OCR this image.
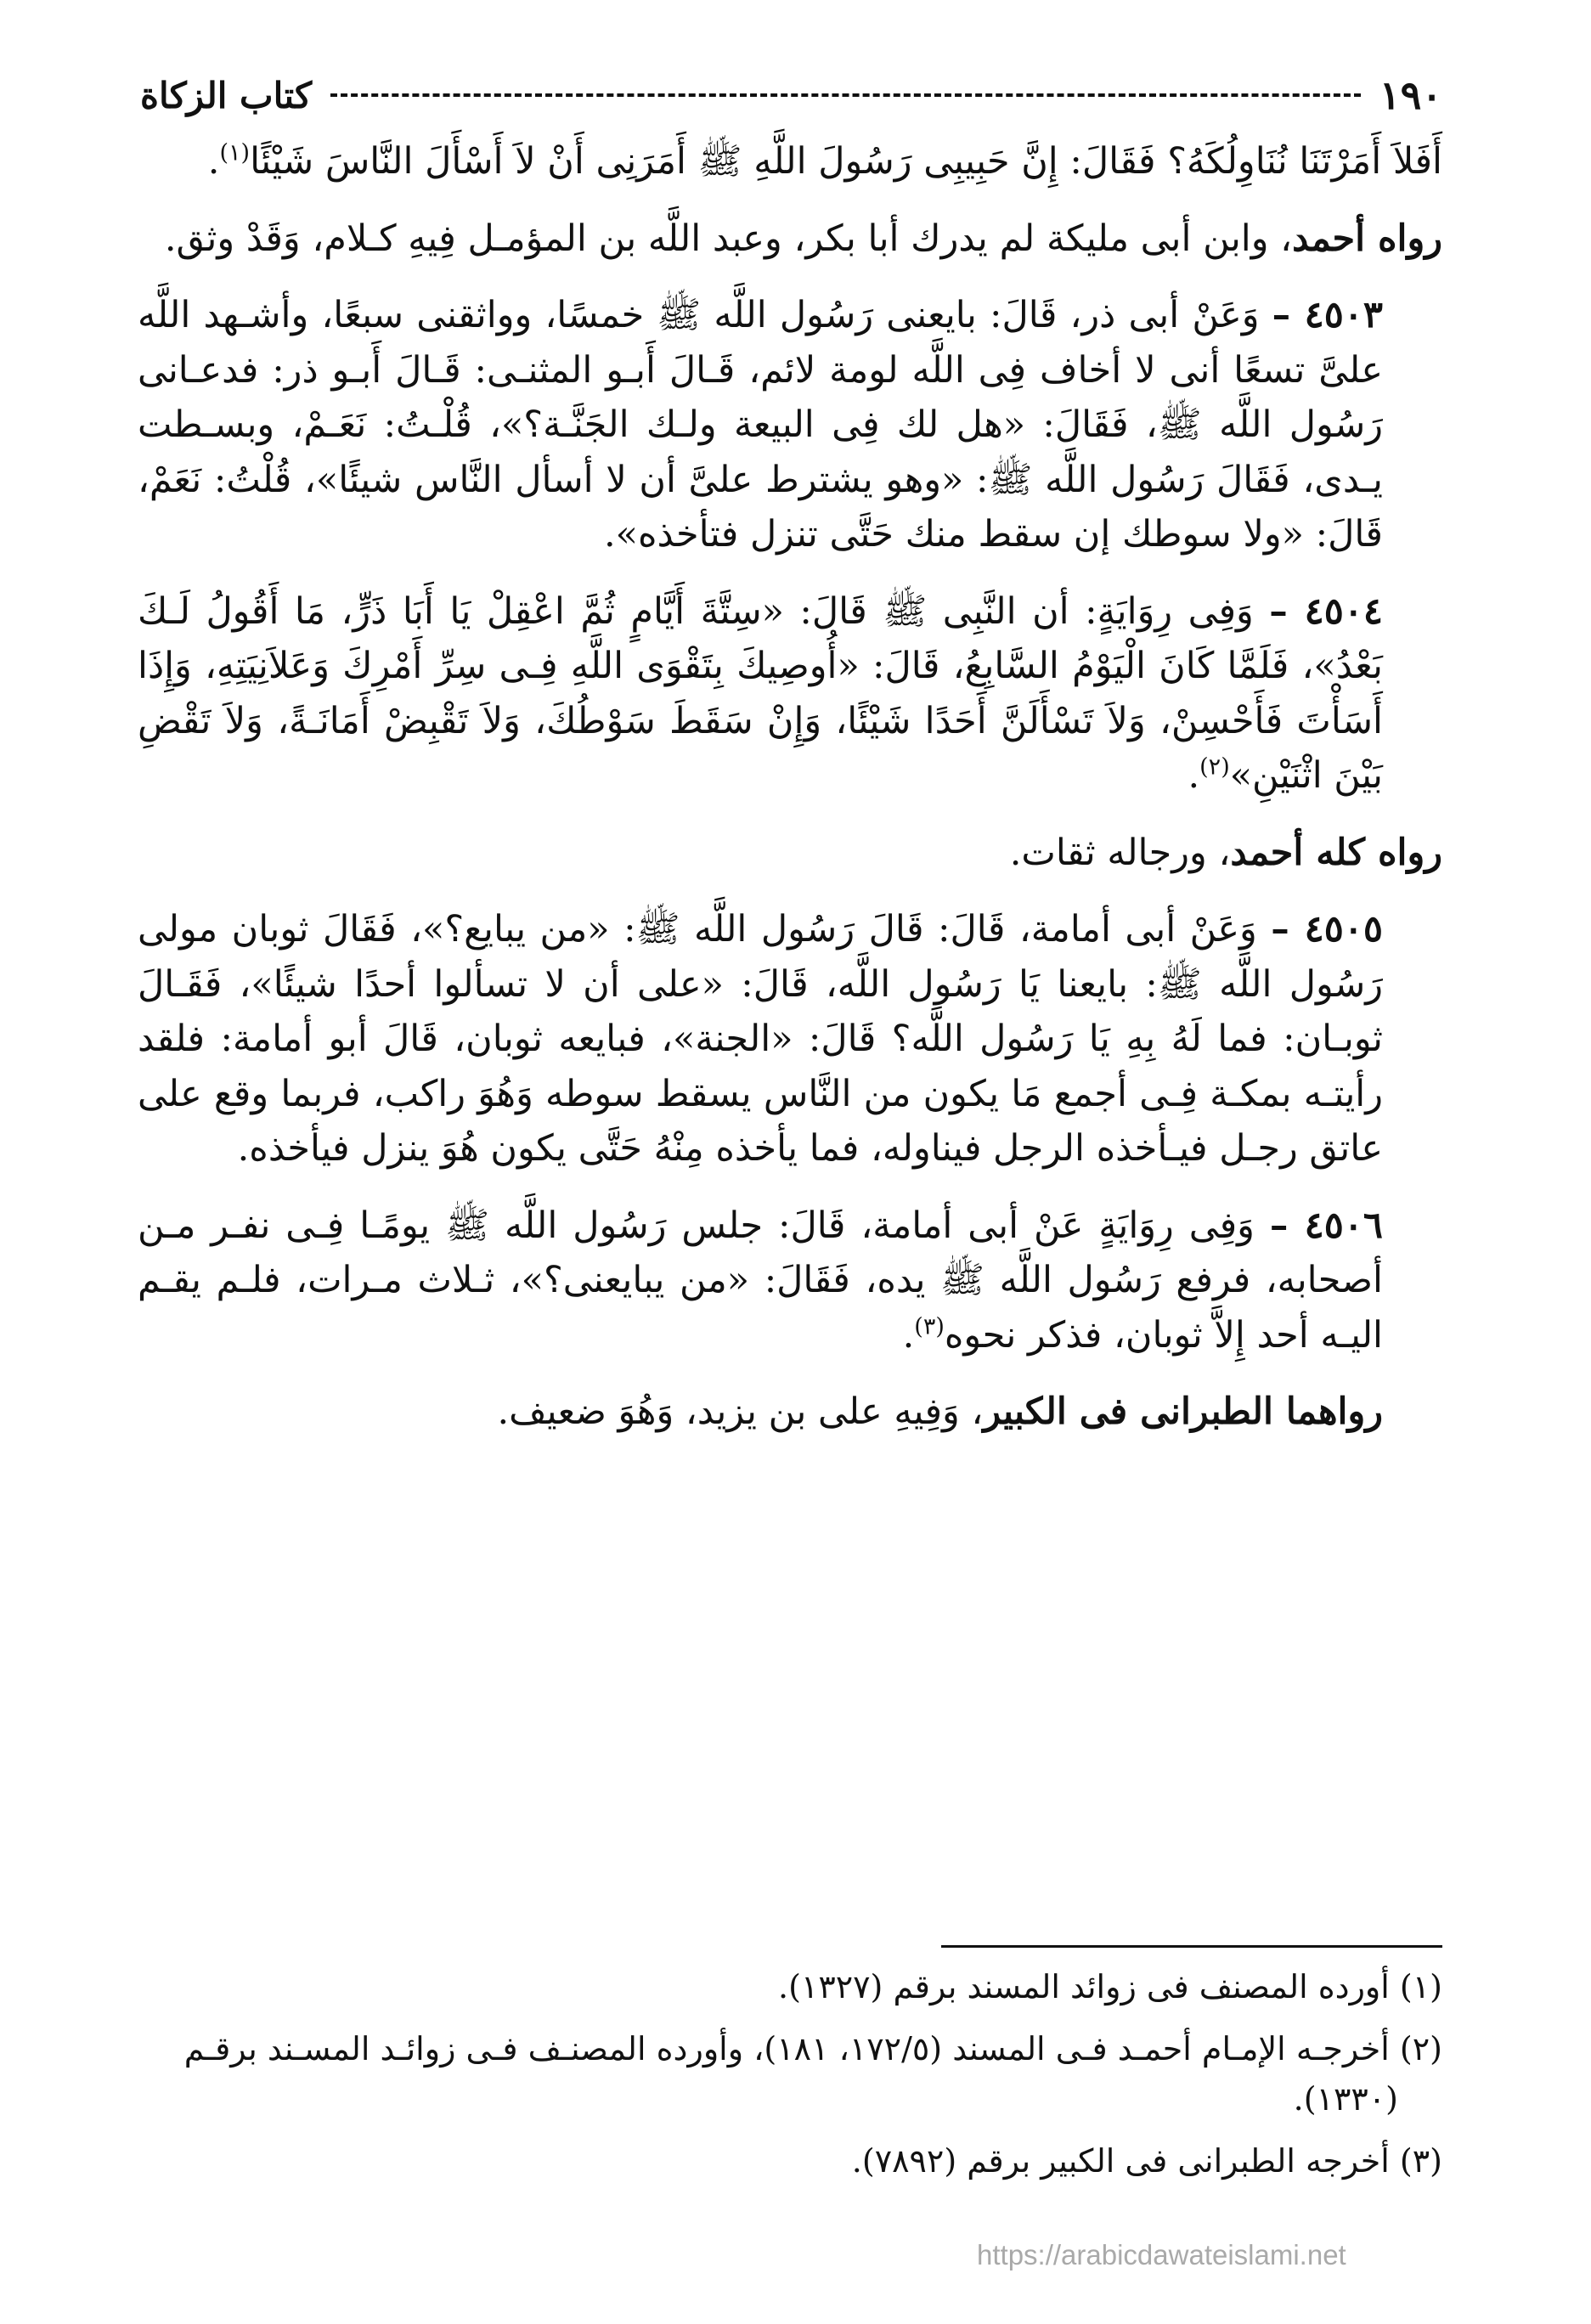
١٩٠
كتاب الزكاة

أَفَلاَ أَمَرْتَنَا نُنَاوِلُكَهُ؟ فَقَالَ: إِنَّ حَبِيبِى رَسُولَ اللَّهِ ﷺ أَمَرَنِى أَنْ لاَ أَسْأَلَ النَّاسَ شَيْئًا$^{(١)}$.

رواه أحمد، وابن أبى مليكة لم يدرك أبا بكر، وعبد اللَّه بن المؤمـل فِيهِ كـلام، وَقَدْ وثق.

٤٥٠٣ – وَعَنْ أبى ذر، قَالَ: بايعنى رَسُول اللَّه ﷺ خمسًا، وواثقنى سبعًا، وأشـهد اللَّه علىَّ تسعًا أنى لا أخاف فِى اللَّه لومة لائم، قَـالَ أَبـو المثنـى: قَـالَ أَبـو ذر: فدعـانى رَسُول اللَّه ﷺ، فَقَالَ: «هل لك فِى البيعة ولـك الجَنَّـة؟»، قُلْـتُ: نَعَـمْ، وبسـطت يـدى، فَقَالَ رَسُول اللَّه ﷺ: «وهو يشترط علىَّ أن لا أسأل النَّاس شيئًا»، قُلْتُ: نَعَمْ، قَالَ: «ولا سوطك إن سقط منك حَتَّى تنزل فتأخذه».

٤٥٠٤ – وَفِى رِوَايَةٍ: أن النَّبِى ﷺ قَالَ: «سِتَّةَ أَيَّامٍ ثُمَّ اعْقِلْ يَا أَبَا ذَرٍّ، مَا أَقُولُ لَـكَ بَعْدُ»، فَلَمَّا كَانَ الْيَوْمُ السَّابِعُ، قَالَ: «أُوصِيكَ بِتَقْوَى اللَّهِ فِـى سِرِّ أَمْرِكَ وَعَلاَنِيَتِهِ، وَإِذَا أَسَأْتَ فَأَحْسِنْ، وَلاَ تَسْأَلَنَّ أَحَدًا شَيْئًا، وَإِنْ سَقَطَ سَوْطُكَ، وَلاَ تَقْبِضْ أَمَانَـةً، وَلاَ تَقْضِ بَيْنَ اثْنَيْنِ»$^{(٢)}$.

رواه كله أحمد، ورجاله ثقات.

٤٥٠٥ – وَعَنْ أبى أمامة، قَالَ: قَالَ رَسُول اللَّه ﷺ: «من يبايع؟»، فَقَالَ ثوبان مولى رَسُول اللَّه ﷺ: بايعنا يَا رَسُول اللَّه، قَالَ: «على أن لا تسألوا أحدًا شيئًا»، فَقَـالَ ثوبـان: فما لَهُ بِهِ يَا رَسُول اللَّه؟ قَالَ: «الجنة»، فبايعه ثوبان، قَالَ أبو أمامة: فلقد رأيتـه بمكـة فِـى أجمع مَا يكون من النَّاس يسقط سوطه وَهُوَ راكب، فربما وقع على عاتق رجـل فيـأخذه الرجل فيناوله، فما يأخذه مِنْهُ حَتَّى يكون هُوَ ينزل فيأخذه.

٤٥٠٦ – وَفِى رِوَايَةٍ عَنْ أبى أمامة، قَالَ: جلس رَسُول اللَّه ﷺ يومًـا فِـى نفـر مـن أصحابه، فرفع رَسُول اللَّه ﷺ يده، فَقَالَ: «من يبايعنى؟»، ثـلاث مـرات، فلـم يقـم اليـه أحد إِلاَّ ثوبان، فذكر نحوه$^{(٣)}$.

رواهما الطبرانى فى الكبير، وَفِيهِ على بن يزيد، وَهُوَ ضعيف.

(١) أورده المصنف فى زوائد المسند برقم (١٣٢٧).

(٢) أخرجـه الإمـام أحمـد فـى المسند (١٧٢/٥، ١٨١)، وأورده المصنـف فـى زوائـد المسـند برقـم

(١٣٣٠).

(٣) أخرجه الطبرانى فى الكبير برقم (٧٨٩٢).

https://arabicdawateislami.net
